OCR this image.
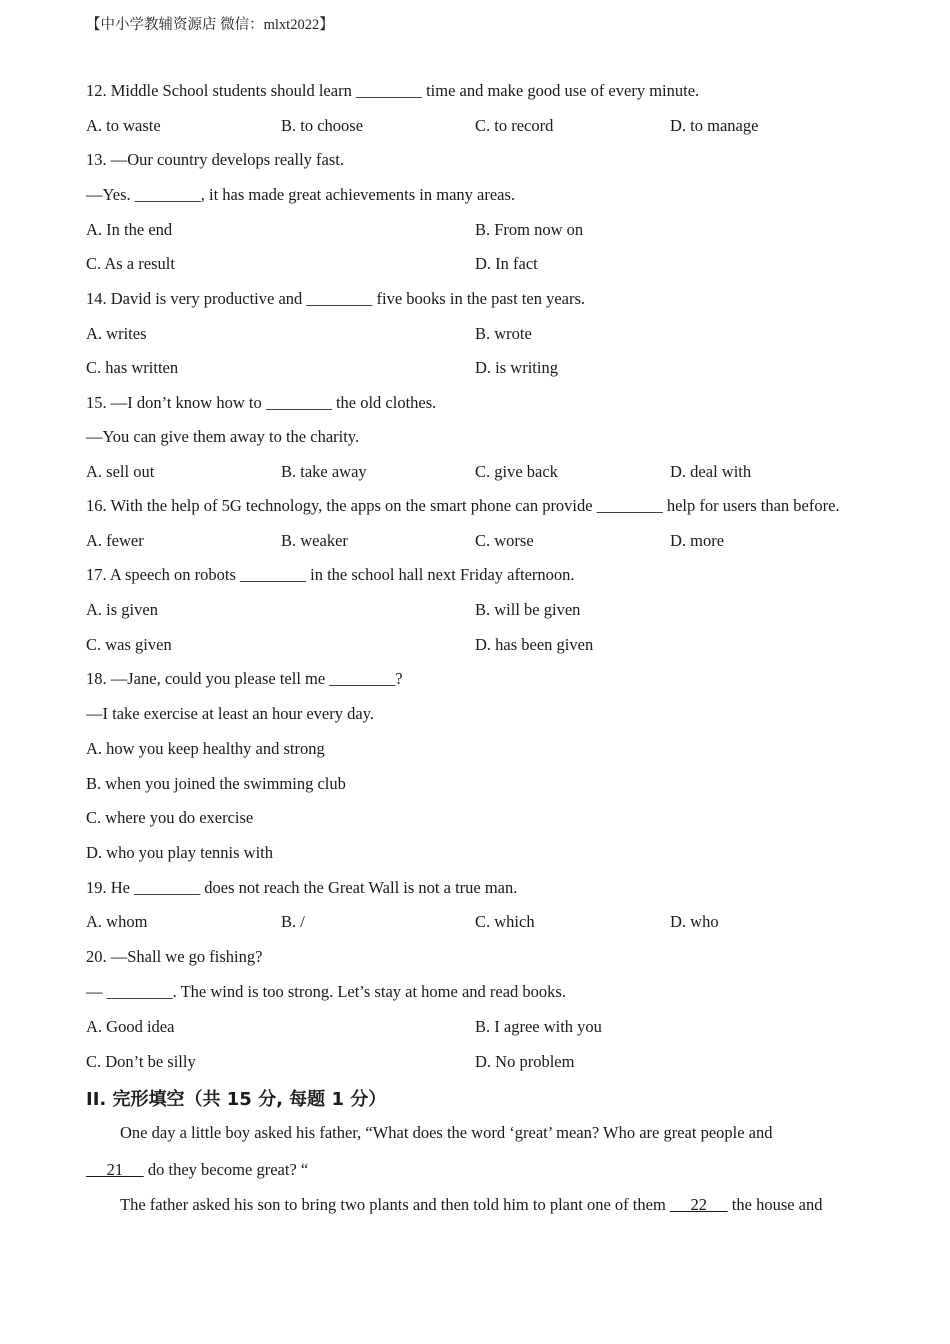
【中小学教辅资源店 微信：mlxt2022】
12. Middle School students should learn ________ time and make good use of every minute.
A. to waste	B. to choose	C. to record	D. to manage
13. —Our country develops really fast.
—Yes. ________, it has made great achievements in many areas.
A. In the end	B. From now on
C. As a result	D. In fact
14. David is very productive and ________ five books in the past ten years.
A. writes	B. wrote
C. has written	D. is writing
15. —I don’t know how to ________ the old clothes.
—You can give them away to the charity.
A. sell out	B. take away	C. give back	D. deal with
16. With the help of 5G technology, the apps on the smart phone can provide ________ help for users than before.
A. fewer	B. weaker	C. worse	D. more
17. A speech on robots ________ in the school hall next Friday afternoon.
A. is given	B. will be given
C. was given	D. has been given
18. —Jane, could you please tell me ________?
—I take exercise at least an hour every day.
A. how you keep healthy and strong
B. when you joined the swimming club
C. where you do exercise
D. who you play tennis with
19. He ________ does not reach the Great Wall is not a true man.
A. whom	B. /	C. which	D. who
20. —Shall we go fishing?
— ________. The wind is too strong. Let’s stay at home and read books.
A. Good idea	B. I agree with you
C. Don’t be silly	D. No problem
II. 完形填空（共 15 分, 每题 1 分）
One day a little boy asked his father, “What does the word ‘great’ mean? Who are great people and
21      do they become great? “
The father asked his son to bring two plants and then told him to plant one of them      22      the house and
